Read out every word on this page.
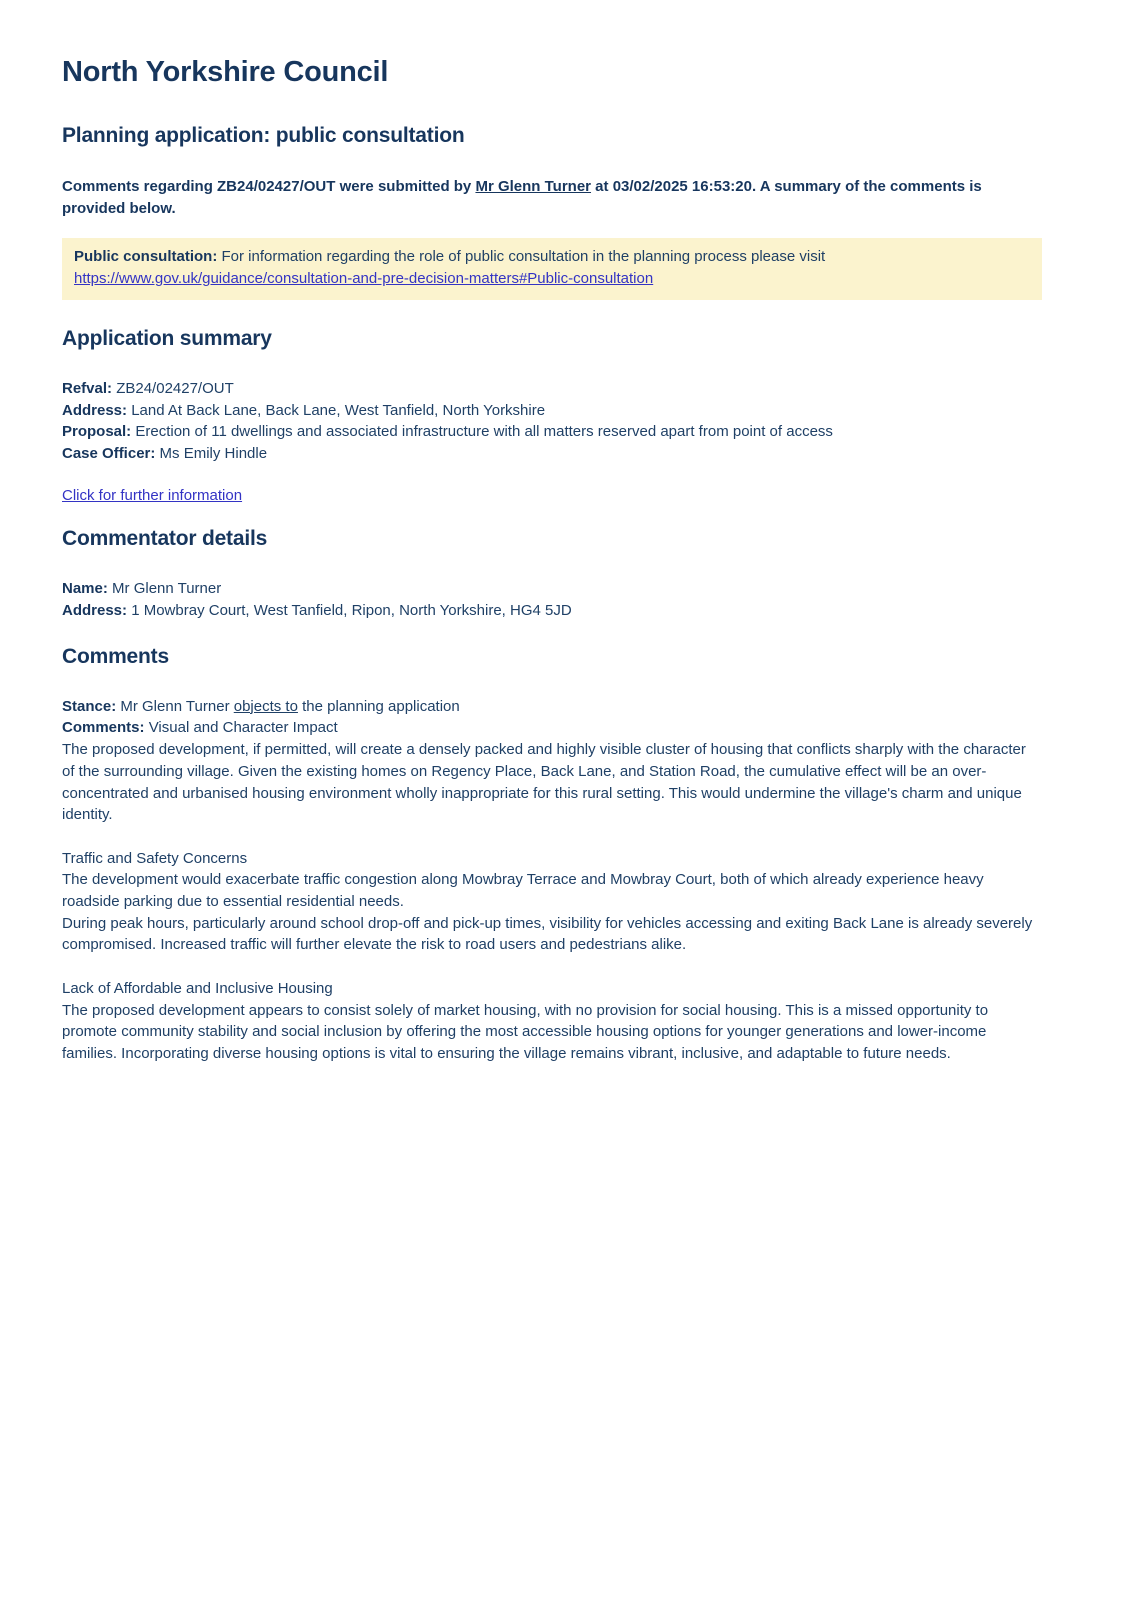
North Yorkshire Council
Planning application: public consultation

Comments regarding ZB24/02427/OUT were submitted by Mr Glenn Turner at 03/02/2025 16:53:20. A summary of the comments is provided below.

Public consultation: For information regarding the role of public consultation in the planning process please visit https://www.gov.uk/guidance/consultation-and-pre-decision-matters#Public-consultation
Application summary

Refval: ZB24/02427/OUT

Address: Land At Back Lane, Back Lane, West Tanfield, North Yorkshire

Proposal: Erection of 11 dwellings and associated infrastructure with all matters reserved apart from point of access

Case Officer: Ms Emily Hindle

Click for further information

Commentator details

Name: Mr Glenn Turner

Address: 1 Mowbray Court, West Tanfield, Ripon, North Yorkshire, HG4 5JD

Comments
Stance: Mr Glenn Turner objects to the planning application
Comments: Visual and Character Impact
The proposed development, if permitted, will create a densely packed and highly visible cluster of housing that conflicts sharply with the character of the surrounding village. Given the existing homes on Regency Place, Back Lane, and Station Road, the cumulative effect will be an over-concentrated and urbanised housing environment wholly inappropriate for this rural setting. This would undermine the village's charm and unique identity.
Traffic and Safety Concerns
The development would exacerbate traffic congestion along Mowbray Terrace and Mowbray Court, both of which already experience heavy roadside parking due to essential residential needs.
During peak hours, particularly around school drop-off and pick-up times, visibility for vehicles accessing and exiting Back Lane is already severely compromised. Increased traffic will further elevate the risk to road users and pedestrians alike.
Lack of Affordable and Inclusive Housing
The proposed development appears to consist solely of market housing, with no provision for social housing. This is a missed opportunity to promote community stability and social inclusion by offering the most accessible housing options for younger generations and lower-income families. Incorporating diverse housing options is vital to ensuring the village remains vibrant, inclusive, and adaptable to future needs.
